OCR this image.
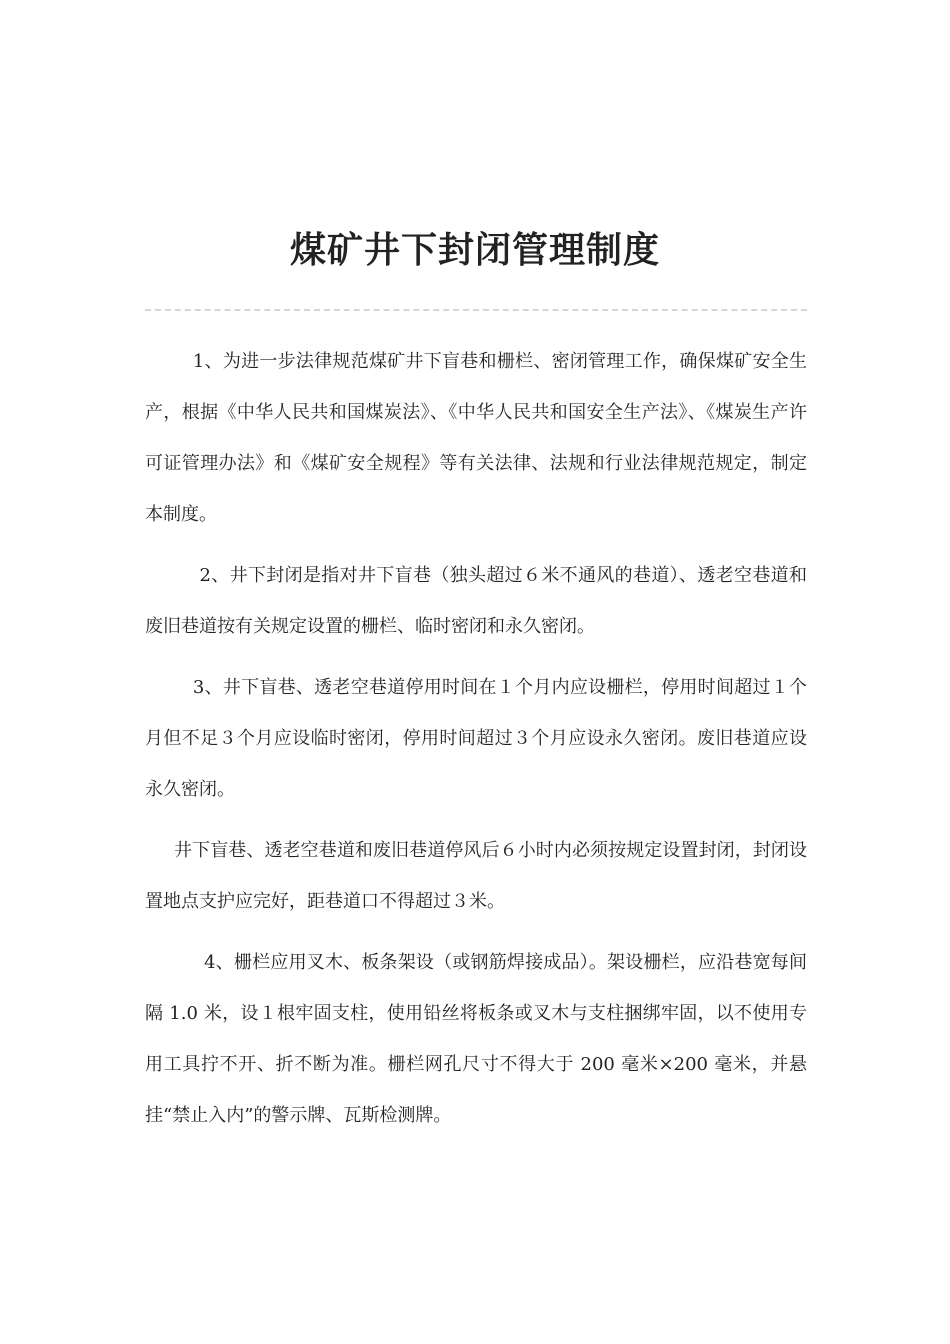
煤矿井下封闭管理制度

1、为进一步法律规范煤矿井下盲巷和栅栏、密闭管理工作，确保煤矿安全生产，根据《中华人民共和国煤炭法》、《中华人民共和国安全生产法》、《煤炭生产许可证管理办法》和《煤矿安全规程》等有关法律、法规和行业法律规范规定，制定本制度。

2、井下封闭是指对井下盲巷（独头超过６米不通风的巷道）、透老空巷道和废旧巷道按有关规定设置的栅栏、临时密闭和永久密闭。

3、井下盲巷、透老空巷道停用时间在１个月内应设栅栏，停用时间超过１个月但不足３个月应设临时密闭，停用时间超过３个月应设永久密闭。废旧巷道应设永久密闭。

井下盲巷、透老空巷道和废旧巷道停风后６小时内必须按规定设置封闭，封闭设置地点支护应完好，距巷道口不得超过３米。

4、栅栏应用叉木、板条架设（或钢筋焊接成品）。架设栅栏，应沿巷宽每间隔 1.0 米，设１根牢固支柱，使用铅丝将板条或叉木与支柱捆绑牢固，以不使用专用工具拧不开、折不断为准。栅栏网孔尺寸不得大于 200 毫米×200 毫米，并悬挂“禁止入内”的警示牌、瓦斯检测牌。
